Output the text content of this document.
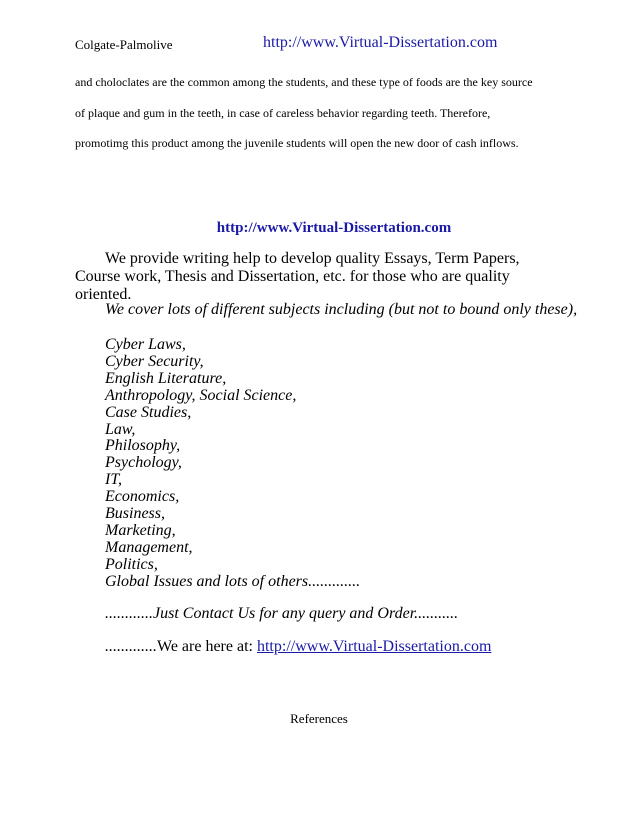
Colgate-Palmolive	http://www.Virtual-Dissertation.com
and choloclates are the common among the students, and these type of foods are the key source
of plaque and gum in the teeth, in case of careless behavior regarding teeth. Therefore,
promotimg this product among the juvenile students will open the new door of cash inflows.
http://www.Virtual-Dissertation.com
We provide writing help to develop quality Essays, Term Papers, Course work, Thesis and Dissertation, etc. for those who are quality oriented.
We cover lots of different subjects including (but not to bound only these),
Cyber Laws,
Cyber Security,
English Literature,
Anthropology, Social Science,
Case Studies,
Law,
Philosophy,
Psychology,
IT,
Economics,
Business,
Marketing,
Management,
Politics,
Global Issues and lots of others.............
............Just Contact Us for any query and Order...........
.............We are here at: http://www.Virtual-Dissertation.com
References
